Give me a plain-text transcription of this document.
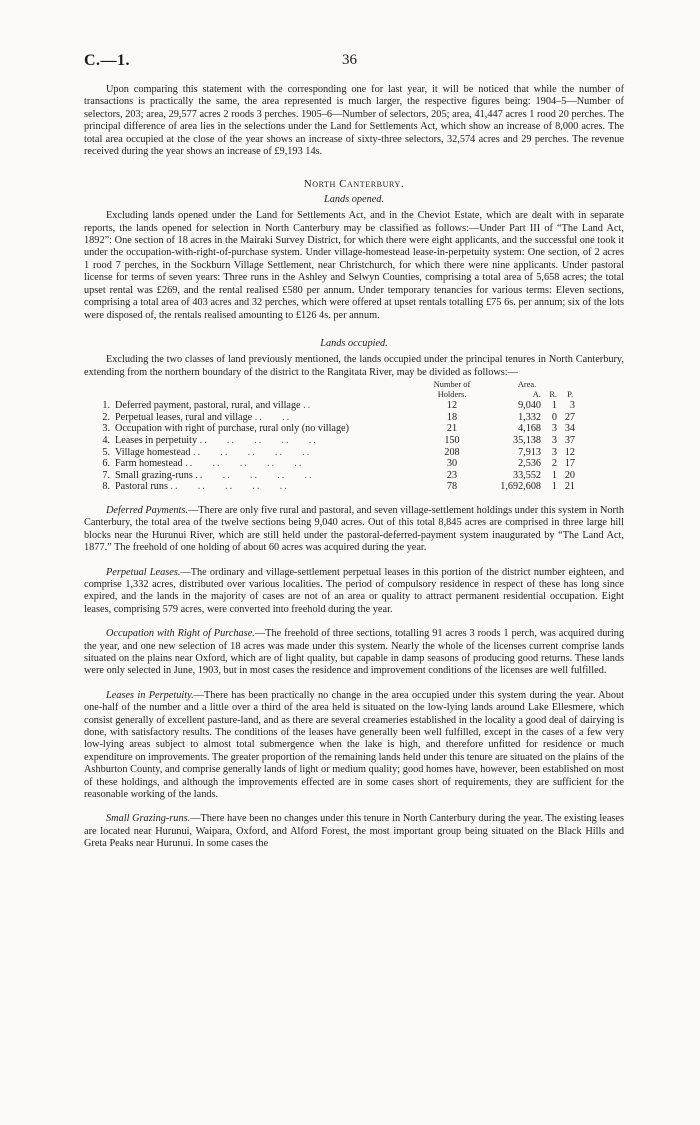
C.—1.	36

Upon comparing this statement with the corresponding one for last year, it will be noticed that while the number of transactions is practically the same, the area represented is much larger, the respective figures being: 1904–5—Number of selectors, 203; area, 29,577 acres 2 roods 3 perches. 1905–6—Number of selectors, 205; area, 41,447 acres 1 rood 20 perches. The principal difference of area lies in the selections under the Land for Settlements Act, which show an increase of 8,000 acres. The total area occupied at the close of the year shows an increase of sixty-three selectors, 32,574 acres and 29 perches. The revenue received during the year shows an increase of £9,193 14s.

North Canterbury.
Lands opened.

Excluding lands opened under the Land for Settlements Act, and in the Cheviot Estate, which are dealt with in separate reports, the lands opened for selection in North Canterbury may be classified as follows:—Under Part III of “The Land Act, 1892”: One section of 18 acres in the Mairaki Survey District, for which there were eight applicants, and the successful one took it under the occupation-with-right-of-purchase system. Under village-homestead lease-in-perpetuity system: One section, of 2 acres 1 rood 7 perches, in the Sockburn Village Settlement, near Christchurch, for which there were nine applicants. Under pastoral license for terms of seven years: Three runs in the Ashley and Selwyn Counties, comprising a total area of 5,658 acres; the total upset rental was £269, and the rental realised £580 per annum. Under temporary tenancies for various terms: Eleven sections, comprising a total area of 403 acres and 32 perches, which were offered at upset rentals totalling £75 6s. per annum; six of the lots were disposed of, the rentals realised amounting to £126 4s. per annum.

Lands occupied.

Excluding the two classes of land previously mentioned, the lands occupied under the principal tenures in North Canterbury, extending from the northern boundary of the district to the Rangitata River, may be divided as follows:—

		Number of
Holders.	Area.
A. R. P.		
1.	Deferred payment, pastoral, rural, and village ..	12	9,040	1	3
2.	Perpetual leases, rural and village ..    ..	18	1,332	0	27
3.	Occupation with right of purchase, rural only (no village)	21	4,168	3	34
4.	Leases in perpetuity ..    ..    ..    ..    ..	150	35,138	3	37
5.	Village homestead ..    ..    ..    ..    ..	208	7,913	3	12
6.	Farm homestead ..    ..    ..    ..    ..	30	2,536	2	17
7.	Small grazing-runs ..    ..    ..    ..    ..	23	33,552	1	20
8.	Pastoral runs ..    ..    ..    ..    ..	78	1,692,608	1	21

Deferred Payments.—There are only five rural and pastoral, and seven village-settlement holdings under this system in North Canterbury, the total area of the twelve sections being 9,040 acres. Out of this total 8,845 acres are comprised in three large hill blocks near the Hurunui River, which are still held under the pastoral-deferred-payment system inaugurated by “The Land Act, 1877.” The freehold of one holding of about 60 acres was acquired during the year.

Perpetual Leases.—The ordinary and village-settlement perpetual leases in this portion of the district number eighteen, and comprise 1,332 acres, distributed over various localities. The period of compulsory residence in respect of these has long since expired, and the lands in the majority of cases are not of an area or quality to attract permanent residential occupation. Eight leases, comprising 579 acres, were converted into freehold during the year.

Occupation with Right of Purchase.—The freehold of three sections, totalling 91 acres 3 roods 1 perch, was acquired during the year, and one new selection of 18 acres was made under this system. Nearly the whole of the licenses current comprise lands situated on the plains near Oxford, which are of light quality, but capable in damp seasons of producing good returns. These lands were only selected in June, 1903, but in most cases the residence and improvement conditions of the licenses are well fulfilled.

Leases in Perpetuity.—There has been practically no change in the area occupied under this system during the year. About one-half of the number and a little over a third of the area held is situated on the low-lying lands around Lake Ellesmere, which consist generally of excellent pasture-land, and as there are several creameries established in the locality a good deal of dairying is done, with satisfactory results. The conditions of the leases have generally been well fulfilled, except in the cases of a few very low-lying areas subject to almost total submergence when the lake is high, and therefore unfitted for residence or much expenditure on improvements. The greater proportion of the remaining lands held under this tenure are situated on the plains of the Ashburton County, and comprise generally lands of light or medium quality; good homes have, however, been established on most of these holdings, and although the improvements effected are in some cases short of requirements, they are sufficient for the reasonable working of the lands.

Small Grazing-runs.—There have been no changes under this tenure in North Canterbury during the year. The existing leases are located near Hurunui, Waipara, Oxford, and Alford Forest, the most important group being situated on the Black Hills and Greta Peaks near Hurunui. In some cases the
